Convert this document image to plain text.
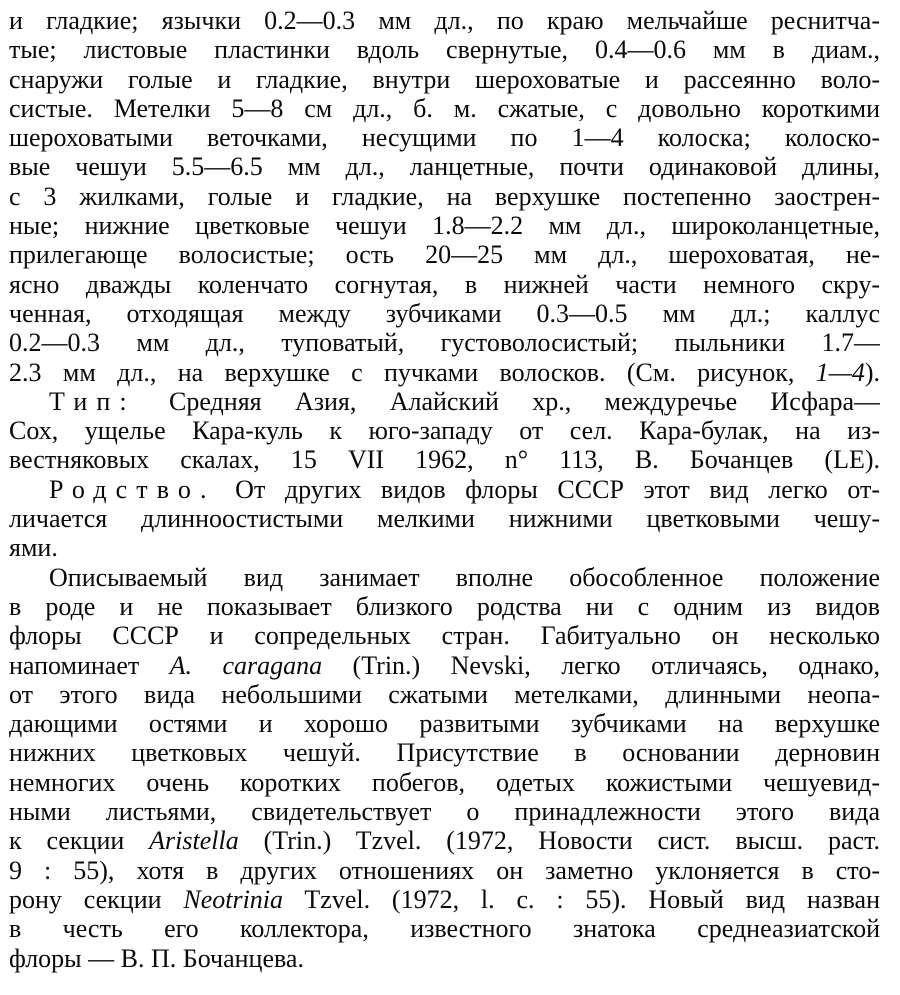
и гладкие; язычки 0.2—0.3 мм дл., по краю мельчайше реснитча-
тые; листовые пластинки вдоль свернутые, 0.4—0.6 мм в диам.,
снаружи голые и гладкие, внутри шероховатые и рассеянно воло-
систые. Метелки 5—8 см дл., б. м. сжатые, с довольно короткими
шероховатыми веточками, несущими по 1—4 колоска; колоско-
вые чешуи 5.5—6.5 мм дл., ланцетные, почти одинаковой длины,
с 3 жилками, голые и гладкие, на верхушке постепенно заострен-
ные; нижние цветковые чешуи 1.8—2.2 мм дл., широколанцетные,
прилегающе волосистые; ость 20—25 мм дл., шероховатая, не-
ясно дважды коленчато согнутая, в нижней части немного скру-
ченная, отходящая между зубчиками 0.3—0.5 мм дл.; каллус
0.2—0.3 мм дл., туповатый, густоволосистый; пыльники 1.7—
2.3 мм дл., на верхушке с пучками волосков. (См. рисунок, 1—4).
Тип: Средняя Азия, Алайский хр., междуречье Исфара—
Сох, ущелье Кара-куль к юго-западу от сел. Кара-булак, на из-
вестняковых скалах, 15 VII 1962, n° 113, В. Бочанцев (LE).
Родство. От других видов флоры СССР этот вид легко от-
личается длинноостистыми мелкими нижними цветковыми чешу-
ями.
Описываемый вид занимает вполне обособленное положение
в роде и не показывает близкого родства ни с одним из видов
флоры СССР и сопредельных стран. Габитуально он несколько
напоминает A. caragana (Trin.) Nevski, легко отличаясь, однако,
от этого вида небольшими сжатыми метелками, длинными неопа-
дающими остями и хорошо развитыми зубчиками на верхушке
нижних цветковых чешуй. Присутствие в основании дерновин
немногих очень коротких побегов, одетых кожистыми чешуевид-
ными листьями, свидетельствует о принадлежности этого вида
к секции Aristella (Trin.) Tzvel. (1972, Новости сист. высш. раст.
9 : 55), хотя в других отношениях он заметно уклоняется в сто-
рону секции Neotrinia Tzvel. (1972, l. c. : 55). Новый вид назван
в честь его коллектора, известного знатока среднеазиатской
флоры — В. П. Бочанцева.
